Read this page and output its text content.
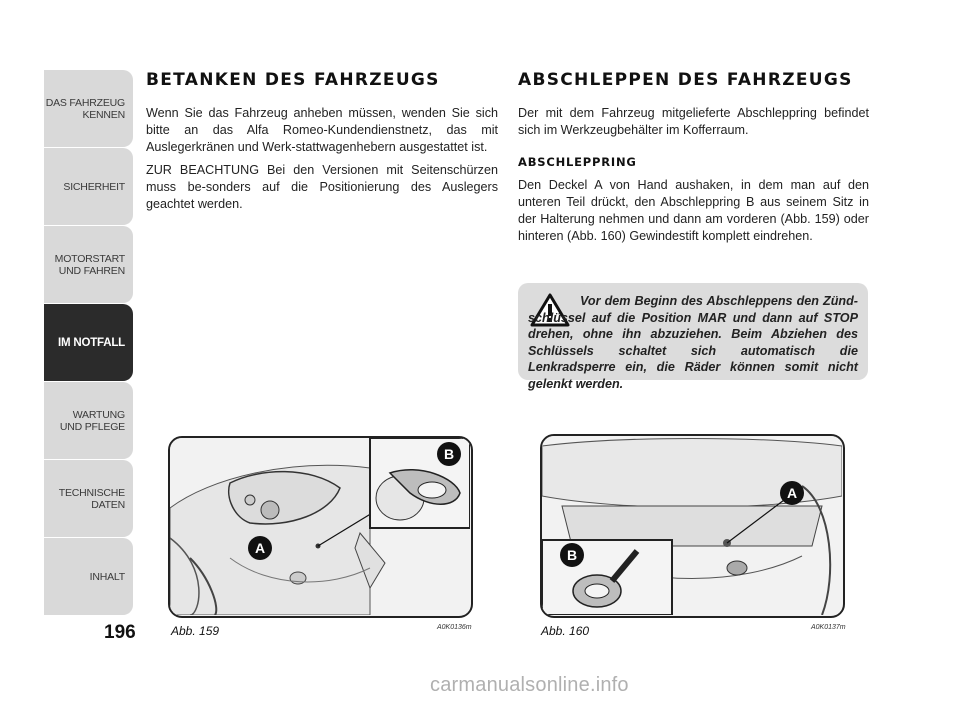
DAS FAHRZEUG
KENNEN
SICHERHEIT
MOTORSTART
UND FAHREN
IM NOTFALL
WARTUNG
UND PFLEGE
TECHNISCHE
DATEN
INHALT
196
BETANKEN DES FAHRZEUGS

Wenn Sie das Fahrzeug anheben müssen, wenden Sie sich bitte an das Alfa Romeo-Kundendienstnetz, das mit Auslegerkränen und Werk-stattwagenhebern ausgestattet ist.

ZUR BEACHTUNG Bei den Versionen mit Seitenschürzen muss be-sonders auf die Positionierung des Auslegers geachtet werden.

ABSCHLEPPEN DES FAHRZEUGS

Der mit dem Fahrzeug mitgelieferte Abschleppring befindet sich im Werkzeugbehälter im Kofferraum.

ABSCHLEPPRING

Den Deckel A von Hand aushaken, in dem man auf den unteren Teil drückt, den Abschleppring B aus seinem Sitz in der Halterung nehmen und dann am vorderen (Abb. 159) oder hinteren (Abb. 160) Gewindestift komplett eindrehen.

Vor dem Beginn des Abschleppens den Zünd-schlüssel auf die Position MAR und dann auf STOP drehen, ohne ihn abzuziehen. Beim Abziehen des Schlüssels schaltet sich automatisch die Lenkradsperre ein, die Räder können somit nicht gelenkt werden.

A
B
Abb. 159	A0K0136m
A
B
Abb. 160	A0K0137m
carmanualsonline.info
